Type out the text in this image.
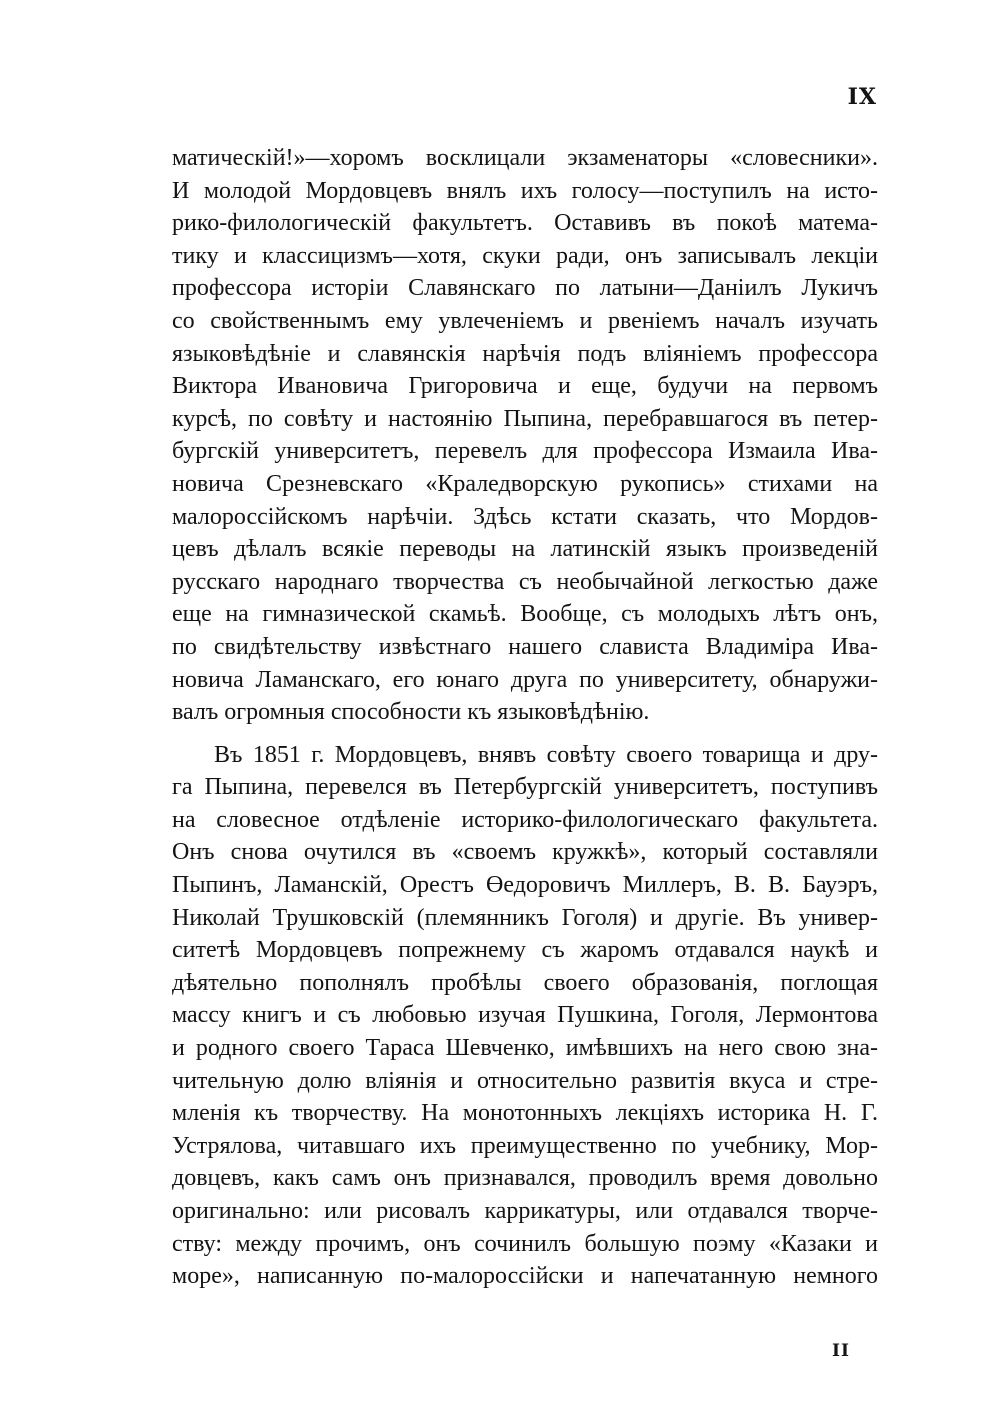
IX
матическій!»—хоромъ восклицали экзаменаторы «словесники».
И молодой Мордовцевъ внялъ ихъ голосу—поступилъ на исто-
рико-филологическій факультетъ. Оставивъ въ покоѣ матема-
тику и классицизмъ—хотя, скуки ради, онъ записывалъ лекціи
профессора исторіи Славянскаго по латыни—Даніилъ Лукичъ
со свойственнымъ ему увлеченіемъ и рвеніемъ началъ изучать
языковѣдѣніе и славянскія нарѣчія подъ вліяніемъ профессора
Виктора Ивановича Григоровича и еще, будучи на первомъ
курсѣ, по совѣту и настоянію Пыпина, перебравшагося въ петер-
бургскій университетъ, перевелъ для профессора Измаила Ива-
новича Срезневскаго «Краледворскую рукопись» стихами на
малороссійскомъ нарѣчіи. Здѣсь кстати сказать, что Мордов-
цевъ дѣлалъ всякіе переводы на латинскій языкъ произведеній
русскаго народнаго творчества съ необычайной легкостью даже
еще на гимназической скамьѣ. Вообще, съ молодыхъ лѣтъ онъ,
по свидѣтельству извѣстнаго нашего слависта Владиміра Ива-
новича Ламанскаго, его юнаго друга по университету, обнаружи-
валъ огромныя способности къ языковѣдѣнію.
Въ 1851 г. Мордовцевъ, внявъ совѣту своего товарища и дру-
га Пыпина, перевелся въ Петербургскій университетъ, поступивъ
на словесное отдѣленіе историко-филологическаго факультета.
Онъ снова очутился въ «своемъ кружкѣ», который составляли
Пыпинъ, Ламанскій, Орестъ Өедоровичъ Миллеръ, В. В. Бауэръ,
Николай Трушковскій (племянникъ Гоголя) и другіе. Въ универ-
ситетѣ Мордовцевъ попрежнему съ жаромъ отдавался наукѣ и
дѣятельно пополнялъ пробѣлы своего образованія, поглощая
массу книгъ и съ любовью изучая Пушкина, Гоголя, Лермонтова
и родного своего Тараса Шевченко, имѣвшихъ на него свою зна-
чительную долю вліянія и относительно развитія вкуса и стре-
мленія къ творчеству. На монотонныхъ лекціяхъ историка Н. Г.
Устрялова, читавшаго ихъ преимущественно по учебнику, Мор-
довцевъ, какъ самъ онъ признавался, проводилъ время довольно
оригинально: или рисовалъ каррикатуры, или отдавался творче-
ству: между прочимъ, онъ сочинилъ большую поэму «Казаки и
море», написанную по-малороссійски и напечатанную немного
II
